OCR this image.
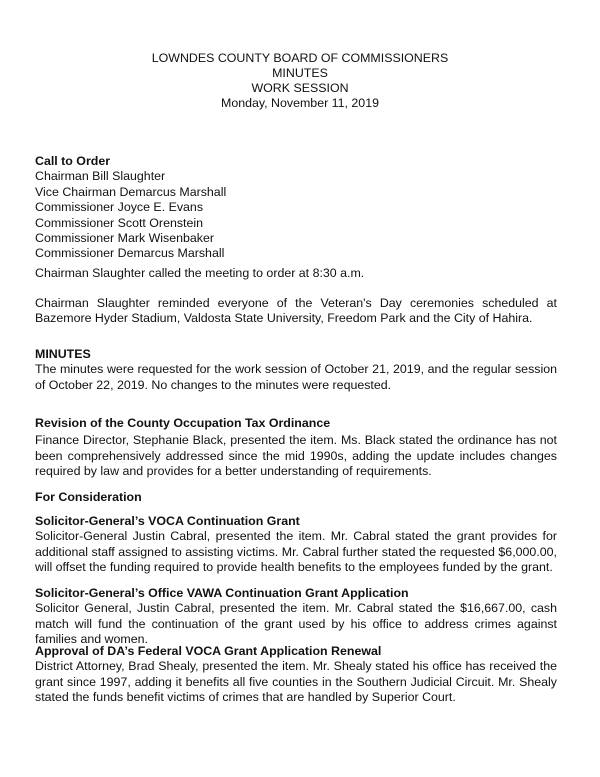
LOWNDES COUNTY BOARD OF COMMISSIONERS
MINUTES
WORK SESSION
Monday, November 11, 2019
Call to Order
Chairman Bill Slaughter
Vice Chairman Demarcus Marshall
Commissioner Joyce E. Evans
Commissioner Scott Orenstein
Commissioner Mark Wisenbaker
Commissioner Demarcus Marshall
Chairman Slaughter called the meeting to order at 8:30 a.m.
Chairman Slaughter reminded everyone of the Veteran's Day ceremonies scheduled at Bazemore Hyder Stadium, Valdosta State University, Freedom Park and the City of Hahira.
MINUTES
The minutes were requested for the work session of October 21, 2019, and the regular session of October 22, 2019. No changes to the minutes were requested.
Revision of the County Occupation Tax Ordinance
Finance Director, Stephanie Black, presented the item. Ms. Black stated the ordinance has not been comprehensively addressed since the mid 1990s, adding the update includes changes required by law and provides for a better understanding of requirements.
For Consideration
Solicitor-General’s VOCA Continuation Grant
Solicitor-General Justin Cabral, presented the item. Mr. Cabral stated the grant provides for additional staff assigned to assisting victims. Mr. Cabral further stated the requested $6,000.00, will offset the funding required to provide health benefits to the employees funded by the grant.
Solicitor-General’s Office VAWA Continuation Grant Application
Solicitor General, Justin Cabral, presented the item. Mr. Cabral stated the $16,667.00, cash match will fund the continuation of the grant used by his office to address crimes against families and women.
Approval of DA’s Federal VOCA Grant Application Renewal
District Attorney, Brad Shealy, presented the item. Mr. Shealy stated his office has received the grant since 1997, adding it benefits all five counties in the Southern Judicial Circuit. Mr. Shealy stated the funds benefit victims of crimes that are handled by Superior Court.
